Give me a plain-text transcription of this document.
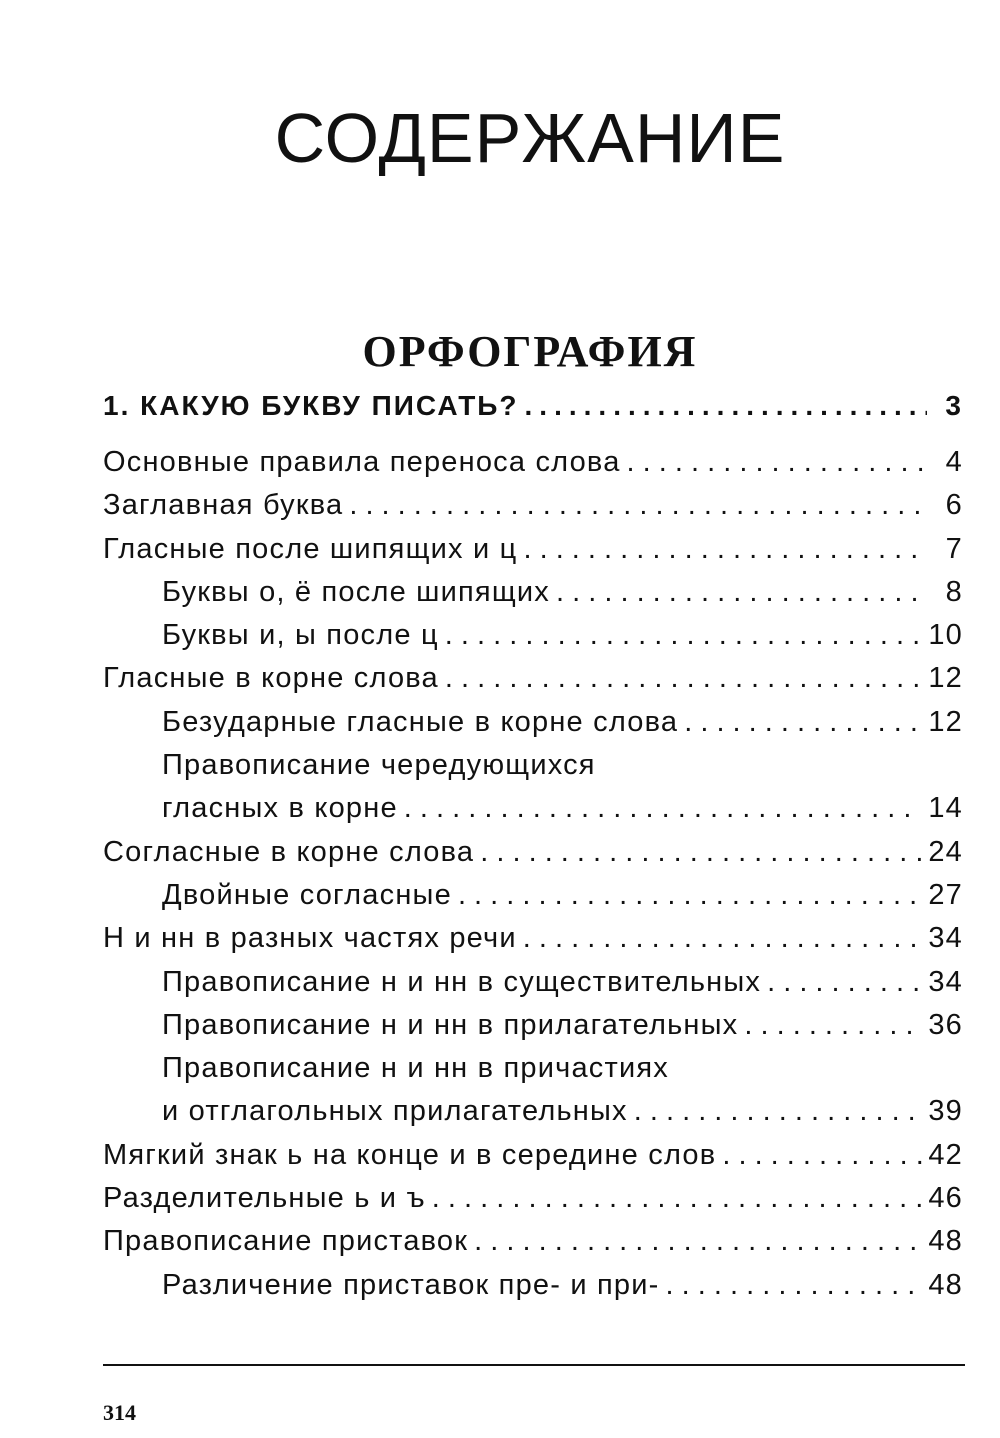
СОДЕРЖАНИЕ
ОРФОГРАФИЯ
1. КАКУЮ БУКВУ ПИСАТЬ? .....	3
Основные правила переноса слова . . .	4
Заглавная буква . . .	6
Гласные после шипящих и ц . . .	7
Буквы о, ё после шипящих . . .	8
Буквы и, ы после ц . . .	10
Гласные в корне слова . . .	12
Безударные гласные в корне слова . . .	12
Правописание чередующихся
гласных в корне . . .	14
Согласные в корне слова . . .	24
Двойные согласные . . .	27
Н и нн в разных частях речи . . .	34
Правописание н и нн в существительных . . .	34
Правописание н и нн в прилагательных . . .	36
Правописание н и нн в причастиях
и отглагольных прилагательных . . .	39
Мягкий знак ь на конце и в середине слов . . .	42
Разделительные ь и ъ . . .	46
Правописание приставок . . .	48
Различение приставок пре- и при- . . .	48
314
